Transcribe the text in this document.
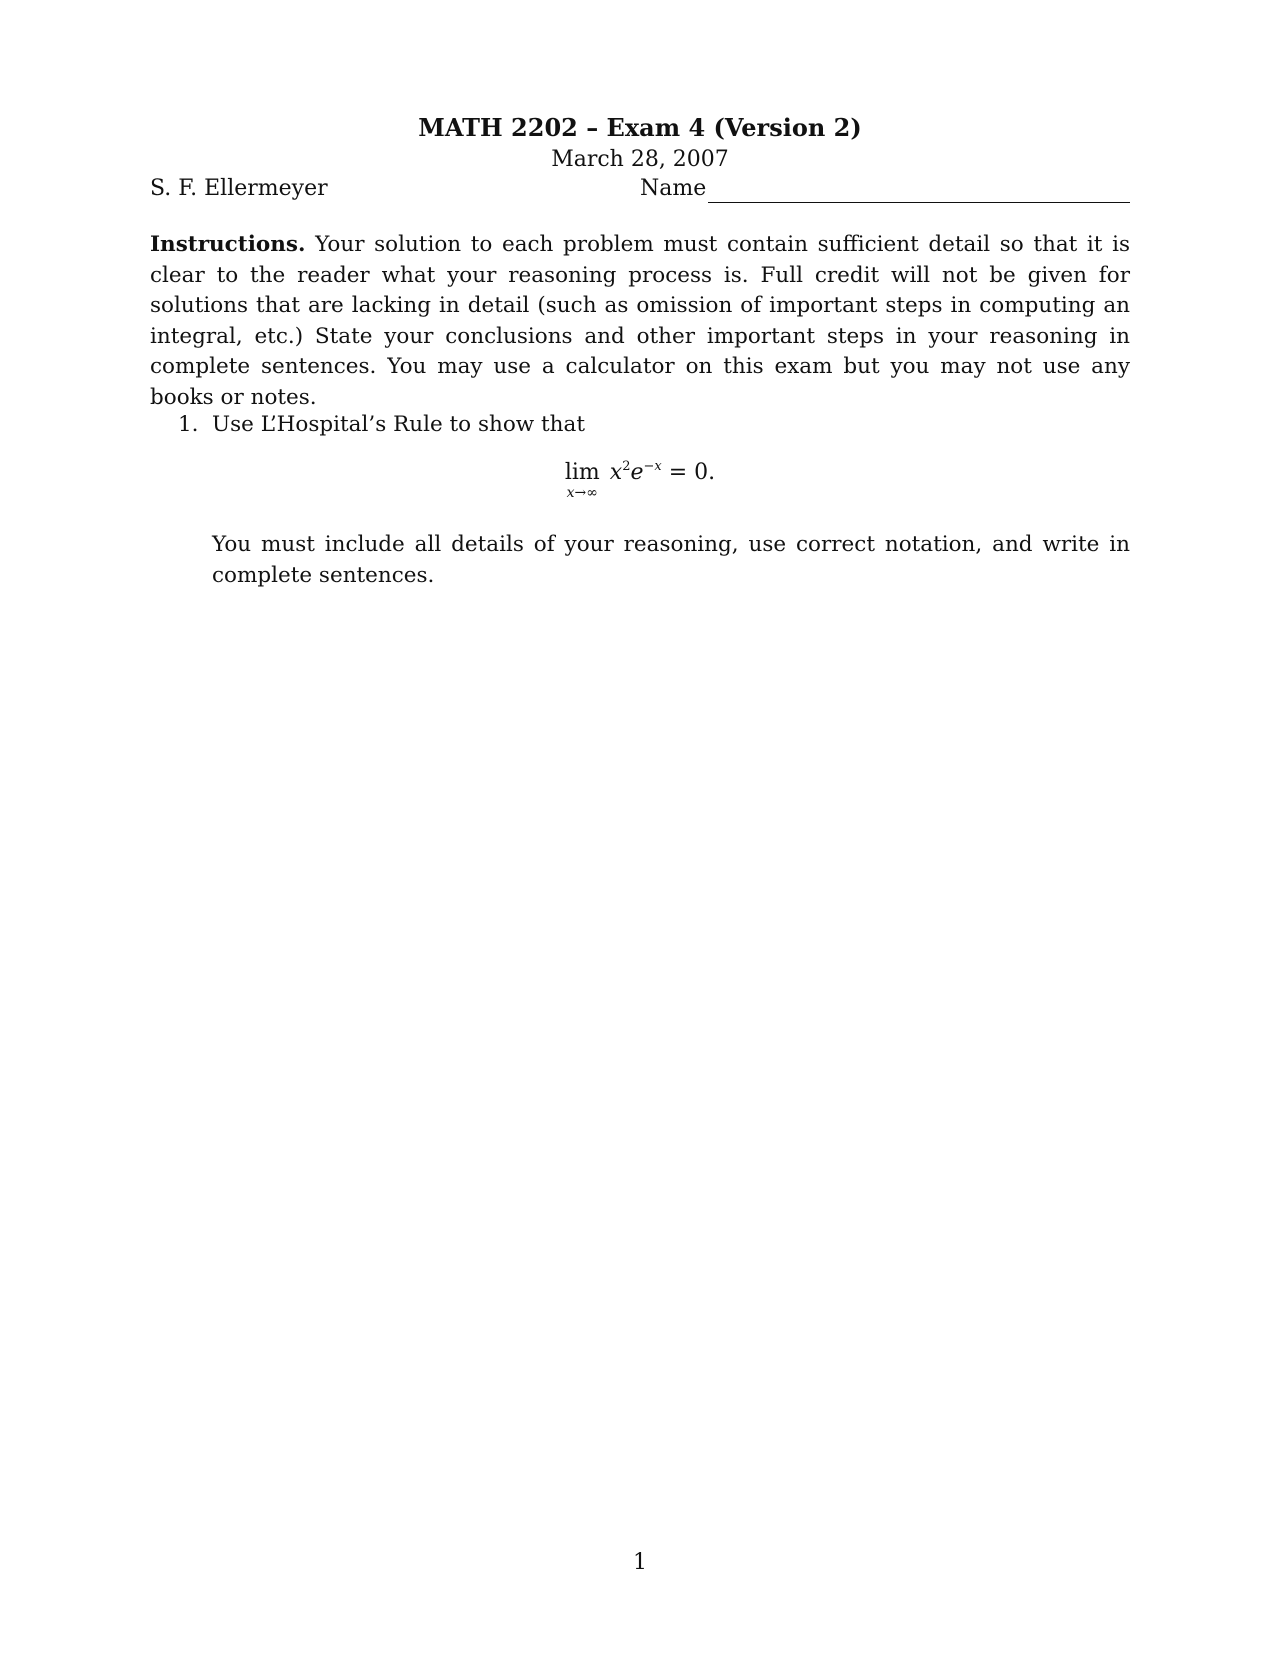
MATH 2202 – Exam 4 (Version 2)
March 28, 2007
S. F. Ellermeyer	Name
Instructions. Your solution to each problem must contain sufficient detail so that it is clear to the reader what your reasoning process is. Full credit will not be given for solutions that are lacking in detail (such as omission of important steps in computing an integral, etc.) State your conclusions and other important steps in your reasoning in complete sentences. You may use a calculator on this exam but you may not use any books or notes.
1. Use L’Hospital’s Rule to show that
lim
x→∞
$x^2e^{-x} = 0$.
You must include all details of your reasoning, use correct notation, and write in complete sentences.
1
